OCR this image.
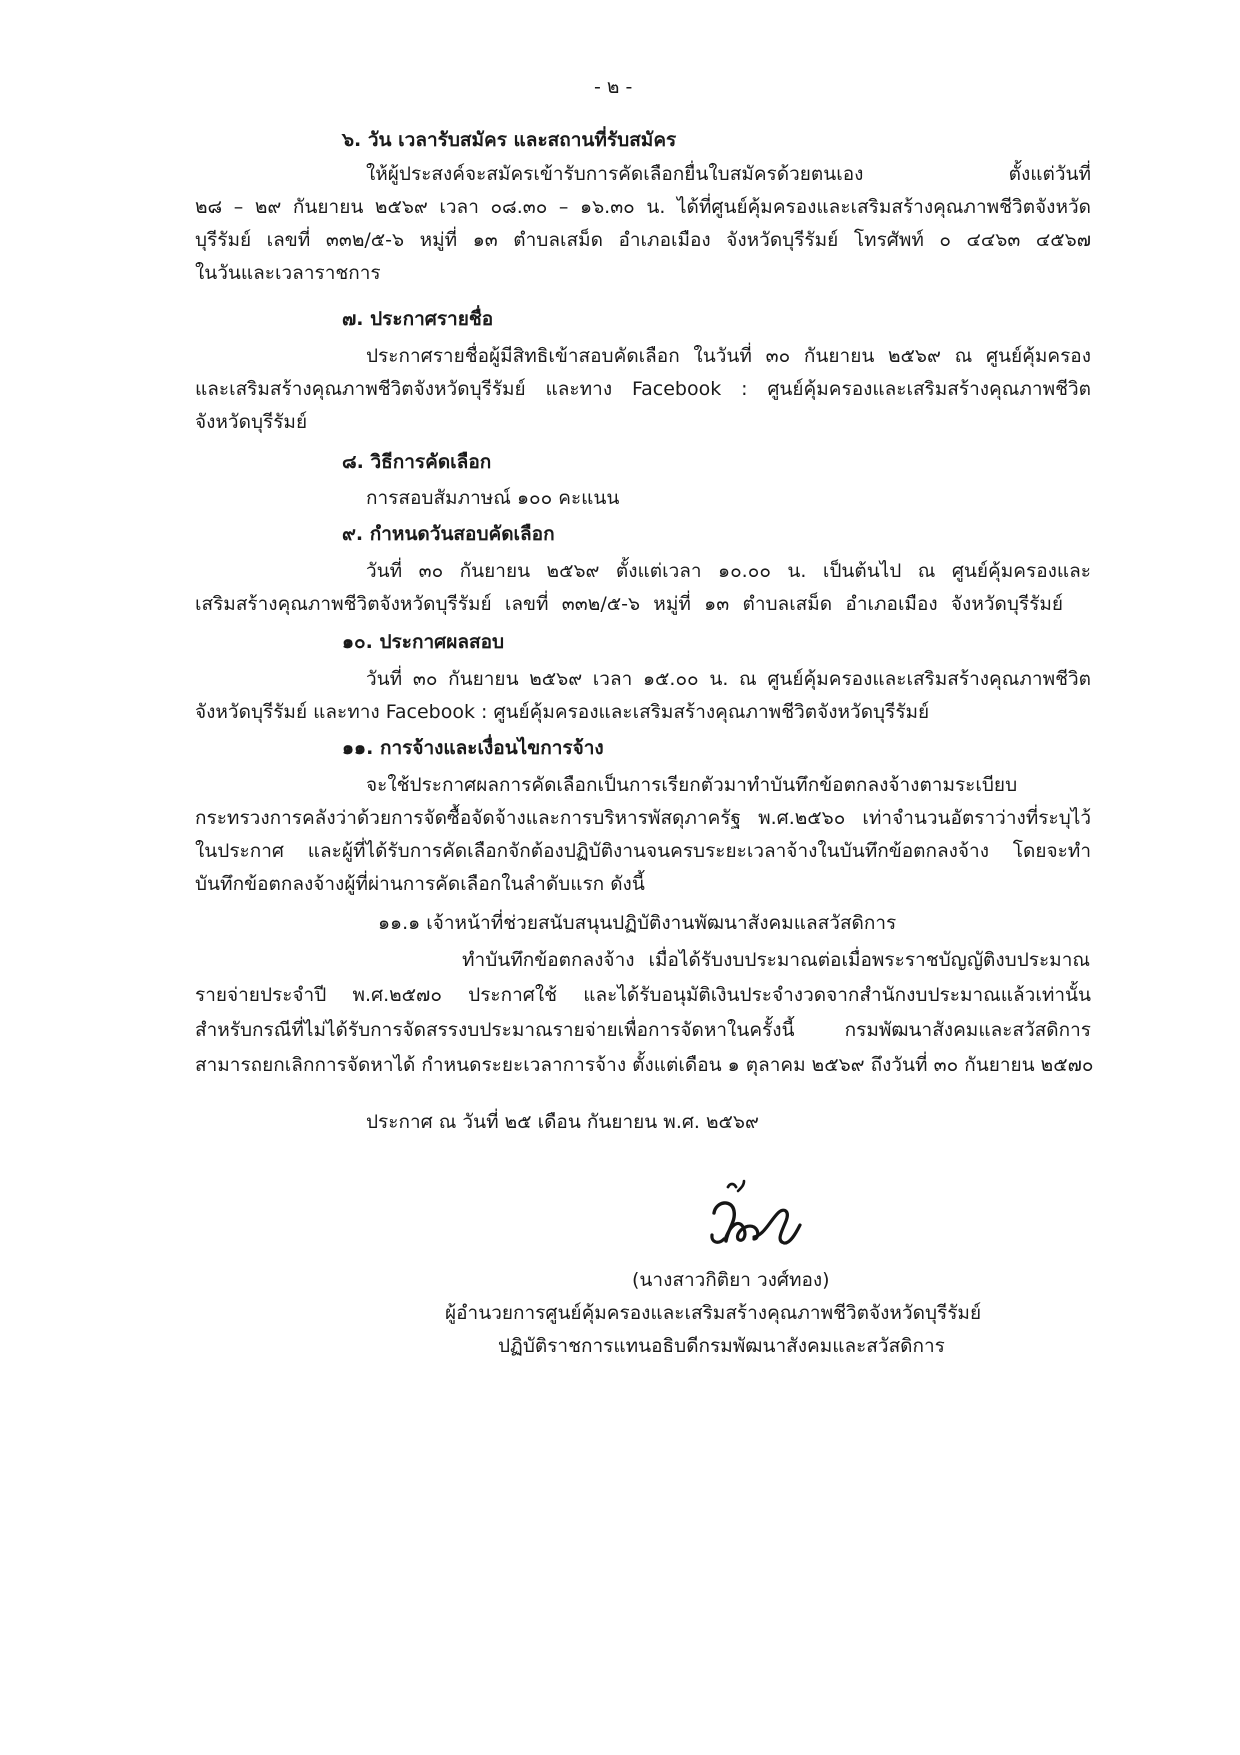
- ๒ -

๖. วัน เวลารับสมัคร และสถานที่รับสมัคร

ให้ผู้ประสงค์จะสมัครเข้ารับการคัดเลือกยื่นใบสมัครด้วยตนเอง ตั้งแต่วันที่

๒๘ – ๒๙ กันยายน ๒๕๖๙ เวลา ๐๘.๓๐ – ๑๖.๓๐ น. ได้ที่ศูนย์คุ้มครองและเสริมสร้างคุณภาพชีวิตจังหวัด

บุรีรัมย์ เลขที่ ๓๓๒/๕-๖ หมู่ที่ ๑๓ ตำบลเสม็ด อำเภอเมือง จังหวัดบุรีรัมย์ โทรศัพท์ ๐ ๔๔๖๓ ๔๕๖๗

ในวันและเวลาราชการ

๗. ประกาศรายชื่อ

ประกาศรายชื่อผู้มีสิทธิเข้าสอบคัดเลือก ในวันที่ ๓๐ กันยายน ๒๕๖๙ ณ ศูนย์คุ้มครอง

และเสริมสร้างคุณภาพชีวิตจังหวัดบุรีรัมย์ และทาง Facebook : ศูนย์คุ้มครองและเสริมสร้างคุณภาพชีวิต

จังหวัดบุรีรัมย์

๘. วิธีการคัดเลือก

การสอบสัมภาษณ์ ๑๐๐ คะแนน

๙. กำหนดวันสอบคัดเลือก

วันที่ ๓๐ กันยายน ๒๕๖๙ ตั้งแต่เวลา ๑๐.๐๐ น. เป็นต้นไป ณ ศูนย์คุ้มครองและ

เสริมสร้างคุณภาพชีวิตจังหวัดบุรีรัมย์ เลขที่ ๓๓๒/๕-๖ หมู่ที่ ๑๓ ตำบลเสม็ด อำเภอเมือง จังหวัดบุรีรัมย์

๑๐. ประกาศผลสอบ

วันที่ ๓๐ กันยายน ๒๕๖๙ เวลา ๑๕.๐๐ น. ณ ศูนย์คุ้มครองและเสริมสร้างคุณภาพชีวิต

จังหวัดบุรีรัมย์ และทาง Facebook : ศูนย์คุ้มครองและเสริมสร้างคุณภาพชีวิตจังหวัดบุรีรัมย์

๑๑. การจ้างและเงื่อนไขการจ้าง

จะใช้ประกาศผลการคัดเลือกเป็นการเรียกตัวมาทำบันทึกข้อตกลงจ้างตามระเบียบ

กระทรวงการคลังว่าด้วยการจัดซื้อจัดจ้างและการบริหารพัสดุภาครัฐ พ.ศ.๒๕๖๐ เท่าจำนวนอัตราว่างที่ระบุไว้

ในประกาศ และผู้ที่ได้รับการคัดเลือกจักต้องปฏิบัติงานจนครบระยะเวลาจ้างในบันทึกข้อตกลงจ้าง โดยจะทำ

บันทึกข้อตกลงจ้างผู้ที่ผ่านการคัดเลือกในลำดับแรก ดังนี้

๑๑.๑ เจ้าหน้าที่ช่วยสนับสนุนปฏิบัติงานพัฒนาสังคมแลสวัสดิการ

ทำบันทึกข้อตกลงจ้าง เมื่อได้รับงบประมาณต่อเมื่อพระราชบัญญัติงบประมาณ

รายจ่ายประจำปี พ.ศ.๒๕๗๐ ประกาศใช้ และได้รับอนุมัติเงินประจำงวดจากสำนักงบประมาณแล้วเท่านั้น

สำหรับกรณีที่ไม่ได้รับการจัดสรรงบประมาณรายจ่ายเพื่อการจัดหาในครั้งนี้ กรมพัฒนาสังคมและสวัสดิการ

สามารถยกเลิกการจัดหาได้ กำหนดระยะเวลาการจ้าง ตั้งแต่เดือน ๑ ตุลาคม ๒๕๖๙ ถึงวันที่ ๓๐ กันยายน ๒๕๗๐

ประกาศ ณ วันที่ ๒๕ เดือน กันยายน พ.ศ. ๒๕๖๙

(นางสาวกิติยา วงศ์ทอง)

ผู้อำนวยการศูนย์คุ้มครองและเสริมสร้างคุณภาพชีวิตจังหวัดบุรีรัมย์

ปฏิบัติราชการแทนอธิบดีกรมพัฒนาสังคมและสวัสดิการ
